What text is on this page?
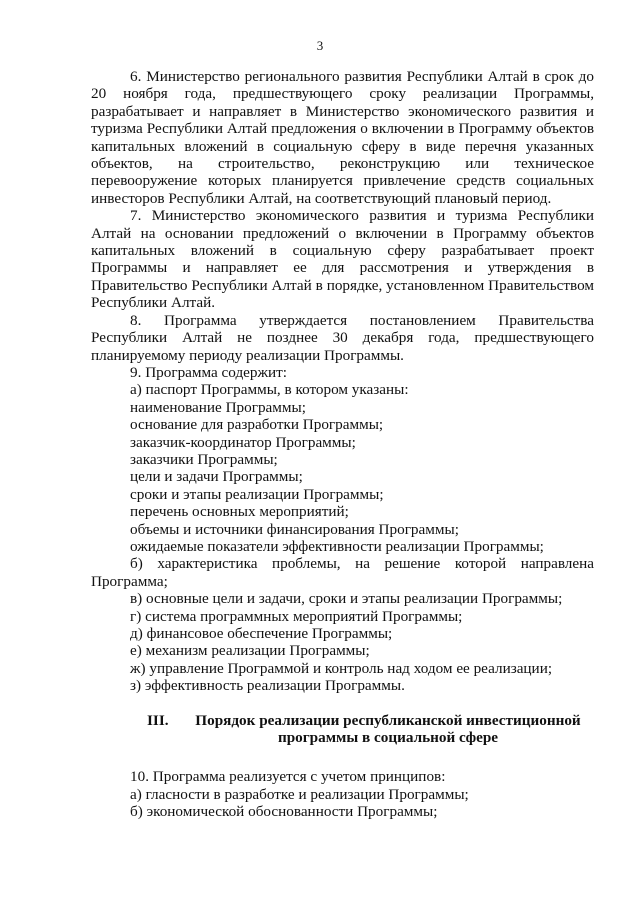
3

6. Министерство регионального развития Республики Алтай в срок до 20 ноября года, предшествующего сроку реализации Программы, разрабатывает и направляет в Министерство экономического развития и туризма Республики Алтай предложения о включении в Программу объектов капитальных вложений в социальную сферу в виде перечня указанных объектов, на строительство, реконструкцию или техническое перевооружение которых планируется привлечение средств социальных инвесторов Республики Алтай, на соответствующий плановый период.

7. Министерство экономического развития и туризма Республики Алтай на основании предложений о включении в Программу объектов капитальных вложений в социальную сферу разрабатывает проект Программы и направляет ее для рассмотрения и утверждения в Правительство Республики Алтай в порядке, установленном Правительством Республики Алтай.

8. Программа утверждается постановлением Правительства Республики Алтай не позднее 30 декабря года, предшествующего планируемому периоду реализации Программы.

9. Программа содержит:

а) паспорт Программы, в котором указаны:

наименование Программы;

основание для разработки Программы;

заказчик-координатор Программы;

заказчики Программы;

цели и задачи Программы;

сроки и этапы реализации Программы;

перечень основных мероприятий;

объемы и источники финансирования Программы;

ожидаемые показатели эффективности реализации Программы;

б) характеристика проблемы, на решение которой направлена Программа;

в) основные цели и задачи, сроки и этапы реализации Программы;

г) система программных мероприятий Программы;

д) финансовое обеспечение Программы;

е) механизм реализации Программы;

ж) управление Программой и контроль над ходом ее реализации;

з) эффективность реализации Программы.

III.	Порядок реализации республиканской инвестиционной
программы в социальной сфере

10. Программа реализуется с учетом принципов:

а) гласности в разработке и реализации Программы;

б) экономической обоснованности Программы;
